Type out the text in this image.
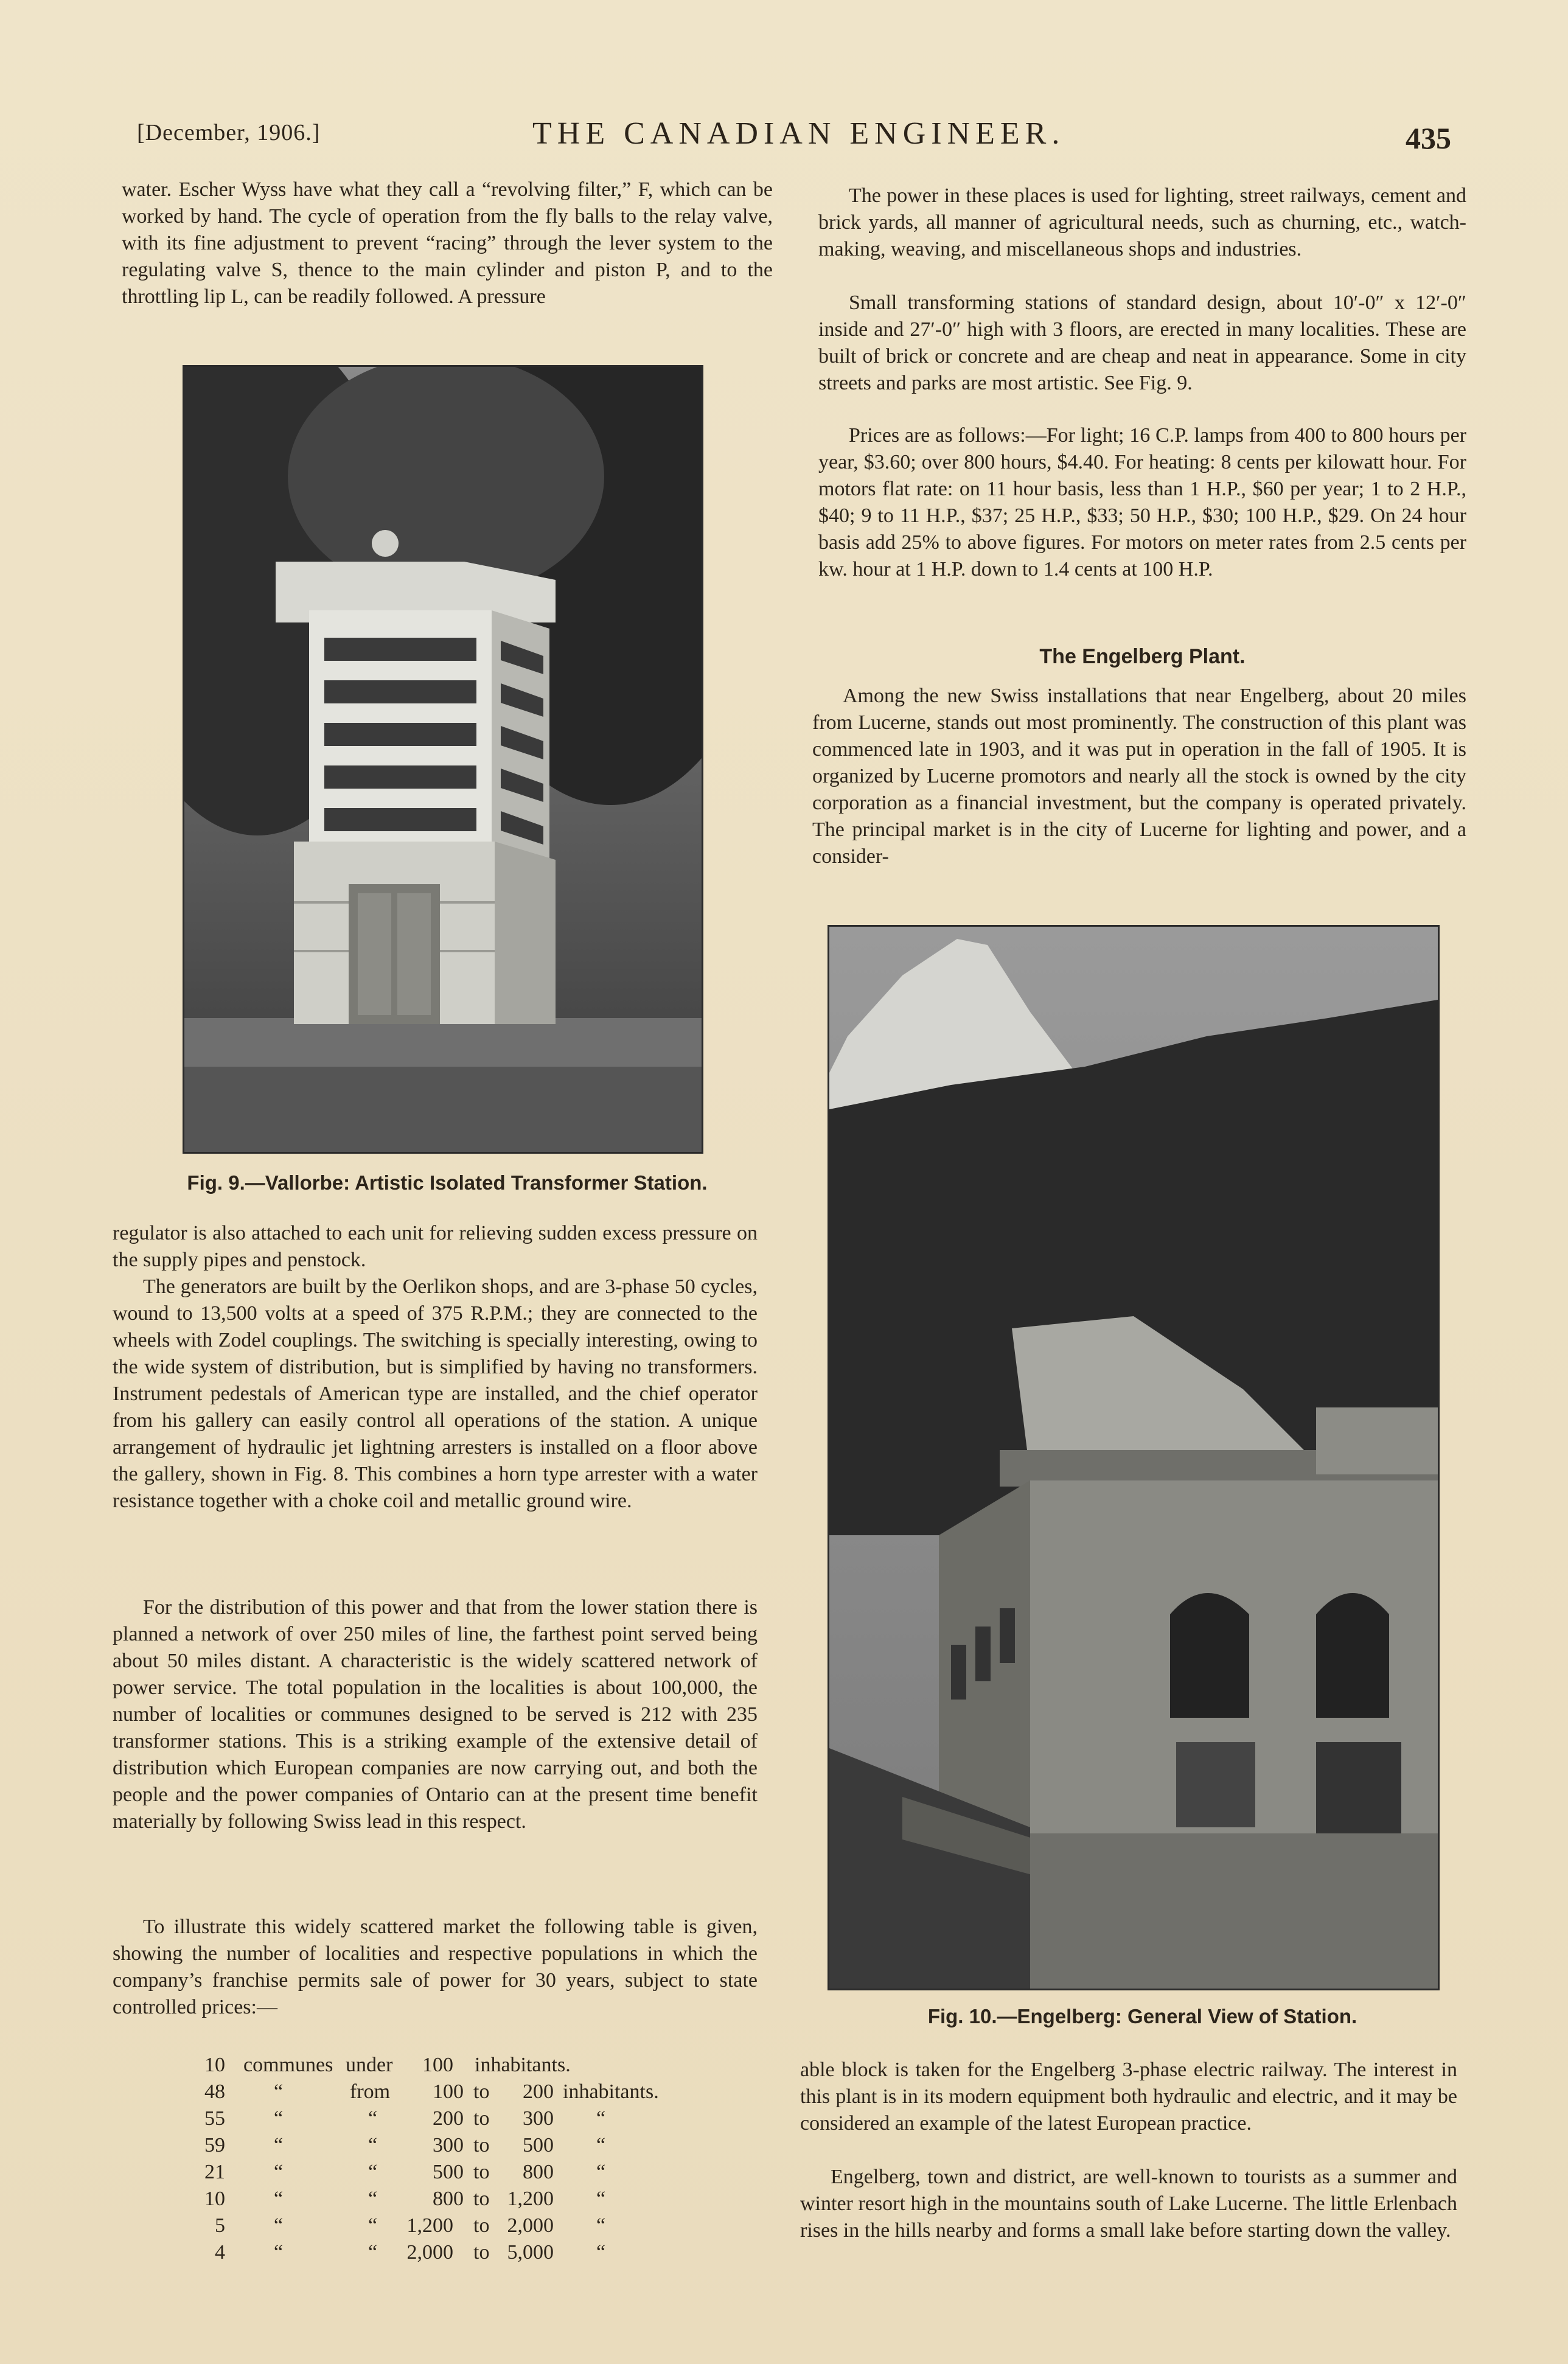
[December, 1906.]	THE CANADIAN ENGINEER.	435

water. Escher Wyss have what they call a “revolving filter,” F, which can be worked by hand. The cycle of operation from the fly balls to the relay valve, with its fine adjustment to prevent “racing” through the lever system to the regulating valve S, thence to the main cylinder and piston P, and to the throttling lip L, can be readily followed. A pressure

Fig. 9.—Vallorbe: Artistic Isolated Transformer Station.

regulator is also attached to each unit for relieving sudden excess pressure on the supply pipes and penstock.

The generators are built by the Oerlikon shops, and are 3-phase 50 cycles, wound to 13,500 volts at a speed of 375 R.P.M.; they are connected to the wheels with Zodel couplings. The switching is specially interesting, owing to the wide system of distribution, but is simplified by having no transformers. Instrument pedestals of American type are installed, and the chief operator from his gallery can easily control all operations of the station. A unique arrangement of hydraulic jet lightning arresters is installed on a floor above the gallery, shown in Fig. 8. This combines a horn type arrester with a water resistance together with a choke coil and metallic ground wire.

For the distribution of this power and that from the lower station there is planned a network of over 250 miles of line, the farthest point served being about 50 miles distant. A characteristic is the widely scattered network of power service. The total population in the localities is about 100,000, the number of localities or communes designed to be served is 212 with 235 transformer stations. This is a striking example of the extensive detail of distribution which European companies are now carrying out, and both the people and the power companies of Ontario can at the present time benefit materially by following Swiss lead in this respect.

To illustrate this widely scattered market the following table is given, showing the number of localities and respective populations in which the company’s franchise permits sale of power for 30 years, subject to state controlled prices:—

10 communes under	100 inhabitants.
48 “	from	100 to	200 inhabitants.
55 “	“	200 to	300 “
59 “	“	300 to	500 “
21 “	“	500 to	800 “
10 “	“	800 to 1,200 “
5 “	“	1,200 to 2,000 “
4 “	“	2,000 to 5,000 “

The power in these places is used for lighting, street railways, cement and brick yards, all manner of agricultural needs, such as churning, etc., watch-making, weaving, and miscellaneous shops and industries.

Small transforming stations of standard design, about 10′-0″ x 12′-0″ inside and 27′-0″ high with 3 floors, are erected in many localities. These are built of brick or concrete and are cheap and neat in appearance. Some in city streets and parks are most artistic. See Fig. 9.

Prices are as follows:—For light; 16 C.P. lamps from 400 to 800 hours per year, $3.60; over 800 hours, $4.40. For heating: 8 cents per kilowatt hour. For motors flat rate: on 11 hour basis, less than 1 H.P., $60 per year; 1 to 2 H.P., $40; 9 to 11 H.P., $37; 25 H.P., $33; 50 H.P., $30; 100 H.P., $29. On 24 hour basis add 25% to above figures. For motors on meter rates from 2.5 cents per kw. hour at 1 H.P. down to 1.4 cents at 100 H.P.

The Engelberg Plant.

Among the new Swiss installations that near Engelberg, about 20 miles from Lucerne, stands out most prominently. The construction of this plant was commenced late in 1903, and it was put in operation in the fall of 1905. It is organized by Lucerne promotors and nearly all the stock is owned by the city corporation as a financial investment, but the company is operated privately. The principal market is in the city of Lucerne for lighting and power, and a consider-

Fig. 10.—Engelberg: General View of Station.

able block is taken for the Engelberg 3-phase electric railway. The interest in this plant is in its modern equipment both hydraulic and electric, and it may be considered an example of the latest European practice.

Engelberg, town and district, are well-known to tourists as a summer and winter resort high in the mountains south of Lake Lucerne. The little Erlenbach rises in the hills nearby and forms a small lake before starting down the valley.
